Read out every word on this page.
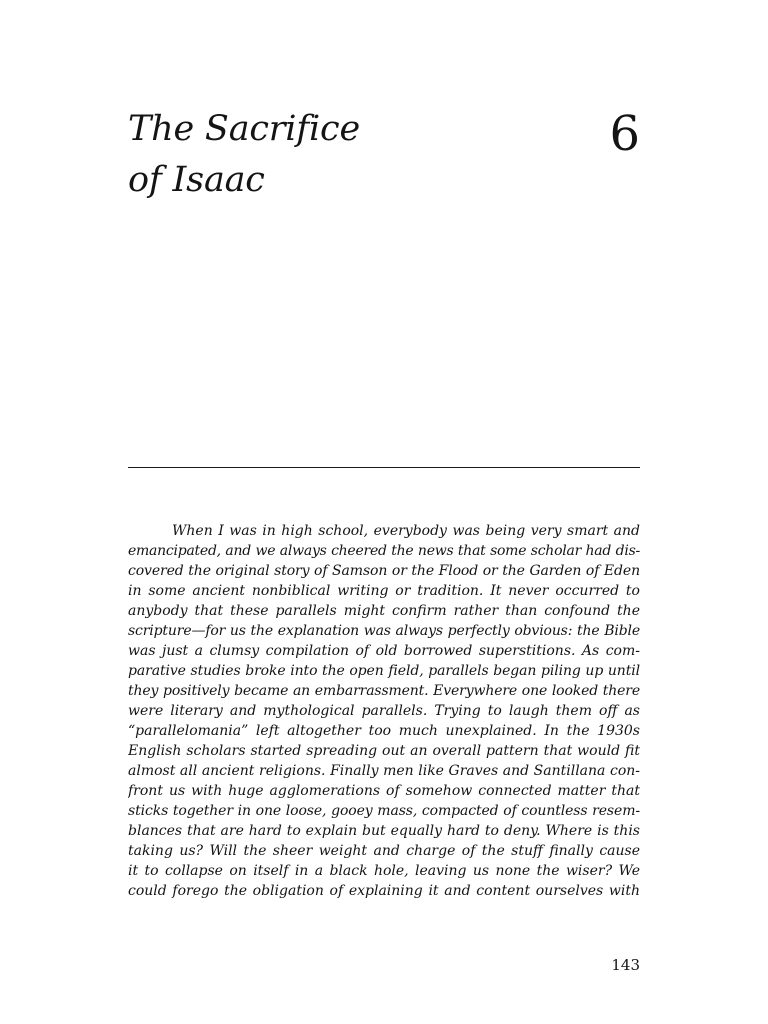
The Sacrifice
of Isaac
6
When I was in high school, everybody was being very smart and
emancipated, and we always cheered the news that some scholar had dis-
covered the original story of Samson or the Flood or the Garden of Eden
in some ancient nonbiblical writing or tradition. It never occurred to
anybody that these parallels might confirm rather than confound the
scripture—for us the explanation was always perfectly obvious: the Bible
was just a clumsy compilation of old borrowed superstitions. As com-
parative studies broke into the open field, parallels began piling up until
they positively became an embarrassment. Everywhere one looked there
were literary and mythological parallels. Trying to laugh them off as
“parallelomania” left altogether too much unexplained. In the 1930s
English scholars started spreading out an overall pattern that would fit
almost all ancient religions. Finally men like Graves and Santillana con-
front us with huge agglomerations of somehow connected matter that
sticks together in one loose, gooey mass, compacted of countless resem-
blances that are hard to explain but equally hard to deny. Where is this
taking us? Will the sheer weight and charge of the stuff finally cause
it to collapse on itself in a black hole, leaving us none the wiser? We
could forego the obligation of explaining it and content ourselves with
143
